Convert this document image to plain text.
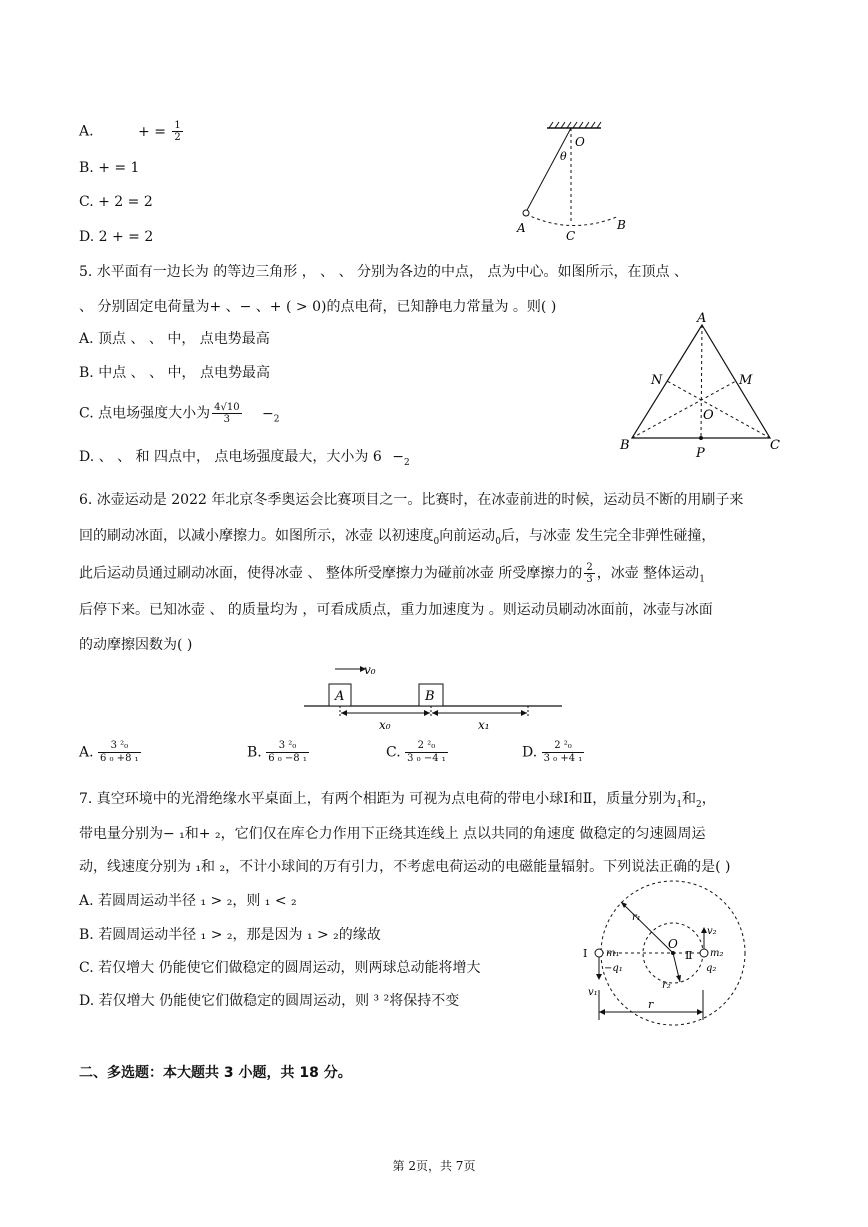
A.	+ = $\frac{1}{2}$
B. + = 1
C. + 2 = 2
D. 2 + = 2
O
θ
A
C
B
5. 水平面有一边长为 的等边三角形 ， 、 、 分别为各边的中点， 点为中心。如图所示，在顶点 、
、 分别固定电荷量为+ 、− 、+ ( > 0)的点电荷，已知静电力常量为 。则( )
A. 顶点 、 、 中， 点电势最高
B. 中点 、 、 中， 点电势最高
C. 点电场强度大小为 $\frac{4√10}{3} -_2$
D. 、 、 和 四点中， 点电场强度最大，大小为 $6 -_2$
A
B	C
N	M
O
P
6. 冰壶运动是 2022 年北京冬季奥运会比赛项目之一。比赛时，在冰壶前进的时候，运动员不断的用刷子来
回的刷动冰面，以减小摩擦力。如图所示，冰壶 以初速度$_0$向前运动$_0$后，与冰壶 发生完全非弹性碰撞，
此后运动员通过刷动冰面，使得冰壶 、 整体所受摩擦力为碰前冰壶 所受摩擦力的 $\frac{2}{3}$ ，冰壶 整体运动$_1$
后停下来。已知冰壶 、 的质量均为 ，可看成质点，重力加速度为 。则运动员刷动冰面前，冰壶与冰面
的动摩擦因数为( )
v₀
A	B
x₀	x₁
A. $\frac{\text{3 ²₀}}{\text{6 ₀ +8 ₁}}$	B. $\frac{\text{3 ²₀}}{\text{6 ₀ −8 ₁}}$	C. $\frac{\text{2 ²₀}}{\text{3 ₀ −4 ₁}}$	D. $\frac{\text{2 ²₀}}{\text{3 ₀ +4 ₁}}$
7. 真空环境中的光滑绝缘水平桌面上，有两个相距为 可视为点电荷的带电小球Ⅰ和Ⅱ，质量分别为$_1$和$_2$，
带电量分别为− ₁和+ ₂，它们仅在库仑力作用下正绕其连线上 点以共同的角速度 做稳定的匀速圆周运
动，线速度分别为 ₁和 ₂，不计小球间的万有引力，不考虑电荷运动的电磁能量辐射。下列说法正确的是( )
A. 若圆周运动半径 ₁ > ₂，则 ₁ < ₂
B. 若圆周运动半径 ₁ > ₂，那是因为 ₁ > ₂的缘故
C. 若仅增大 仍能使它们做稳定的圆周运动，则两球总动能将增大
D. 若仅增大 仍能使它们做稳定的圆周运动，则 ³ ²将保持不变
r₁
O
Ⅰ	Ⅱ
m₁
−q₁
m₂
q₂
r₂
v₁
v₂
r
二、多选题：本大题共 3 小题，共 18 分。
第 2页，共 7页
